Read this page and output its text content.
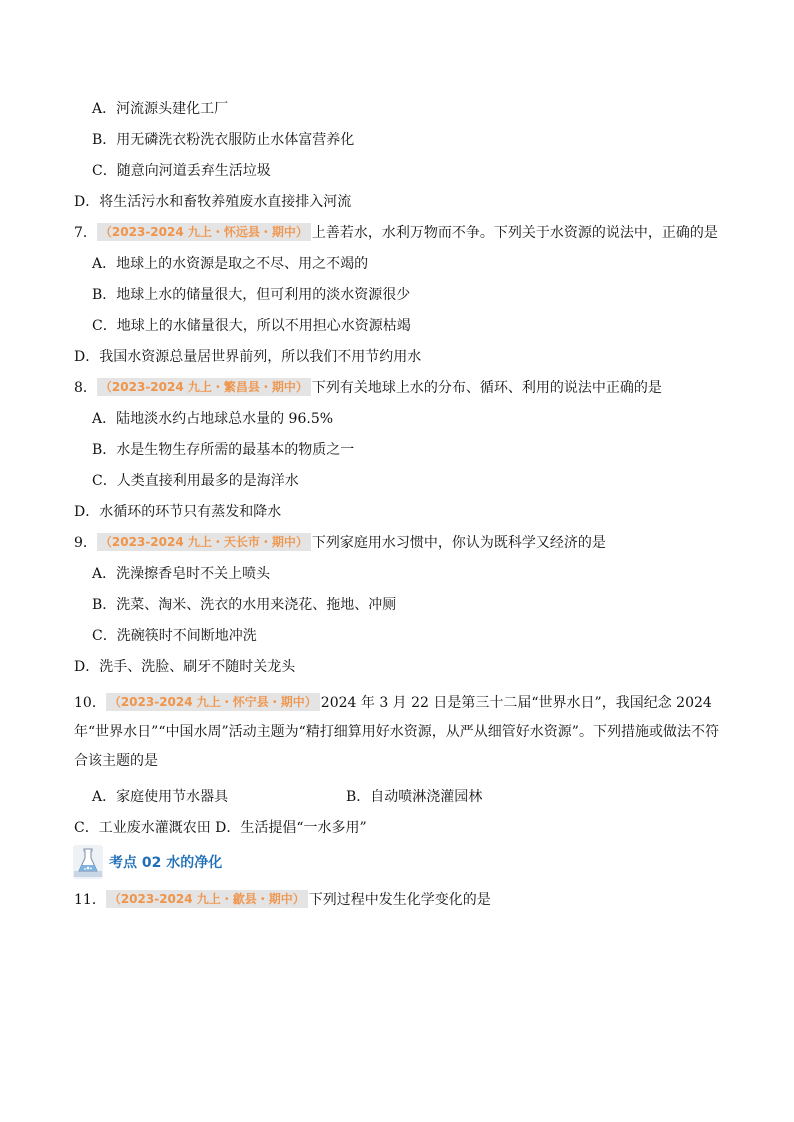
A．河流源头建化工厂
B．用无磷洗衣粉洗衣服防止水体富营养化
C．随意向河道丢弃生活垃圾
D．将生活污水和畜牧养殖废水直接排入河流
7． （2023-2024 九上・怀远县・期中） 上善若水，水利万物而不争。下列关于水资源的说法中，正确的是
A．地球上的水资源是取之不尽、用之不竭的
B．地球上水的储量很大，但可利用的淡水资源很少
C．地球上的水储量很大，所以不用担心水资源枯竭
D．我国水资源总量居世界前列，所以我们不用节约用水
8． （2023-2024 九上・繁昌县・期中） 下列有关地球上水的分布、循环、利用的说法中正确的是
A．陆地淡水约占地球总水量的 96.5%
B．水是生物生存所需的最基本的物质之一
C．人类直接利用最多的是海洋水
D．水循环的环节只有蒸发和降水
9． （2023-2024 九上・天长市・期中） 下列家庭用水习惯中，你认为既科学又经济的是
A．洗澡擦香皂时不关上喷头
B．洗菜、淘米、洗衣的水用来浇花、拖地、冲厕
C．洗碗筷时不间断地冲洗
D．洗手、洗脸、刷牙不随时关龙头
10． （2023-2024 九上・怀宁县・期中） 2024 年 3 月 22 日是第三十二届“世界水日”，我国纪念 2024 年“世界水日”“中国水周”活动主题为“精打细算用好水资源，从严从细管好水资源”。下列措施或做法不符合该主题的是
A．家庭使用节水器具	B．自动喷淋浇灌园林
C．工业废水灌溉农田 D．生活提倡“一水多用”
考点 02 水的净化
11． （2023-2024 九上・歙县・期中） 下列过程中发生化学变化的是
